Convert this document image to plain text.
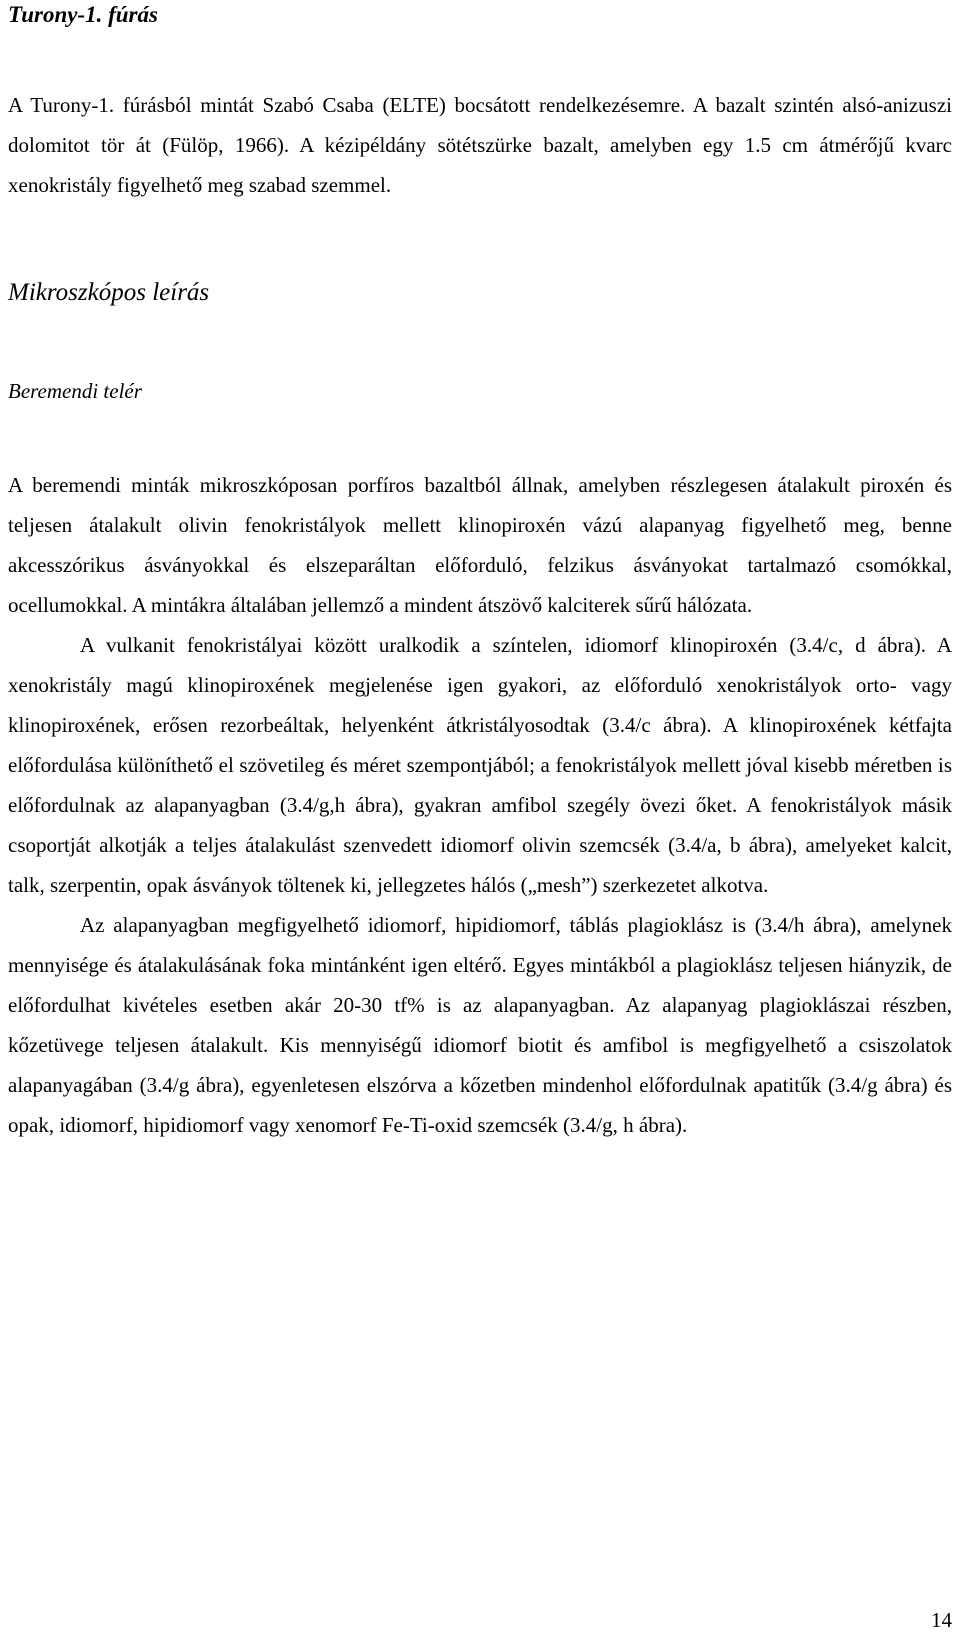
Turony-1. fúrás

A Turony-1. fúrásból mintát Szabó Csaba (ELTE) bocsátott rendelkezésemre. A bazalt szintén alsó-anizuszi dolomitot tör át (Fülöp, 1966). A kézipéldány sötétszürke bazalt, amelyben egy 1.5 cm átmérőjű kvarc xenokristály figyelhető meg szabad szemmel.

Mikroszkópos leírás
Beremendi telér

A beremendi minták mikroszkóposan porfíros bazaltból állnak, amelyben részlegesen átalakult piroxén és teljesen átalakult olivin fenokristályok mellett klinopiroxén vázú alapanyag figyelhető meg, benne akcesszórikus ásványokkal és elszeparáltan előforduló, felzikus ásványokat tartalmazó csomókkal, ocellumokkal. A mintákra általában jellemző a mindent átszövő kalciterek sűrű hálózata.

A vulkanit fenokristályai között uralkodik a színtelen, idiomorf klinopiroxén (3.4/c, d ábra). A xenokristály magú klinopiroxének megjelenése igen gyakori, az előforduló xenokristályok orto- vagy klinopiroxének, erősen rezorbeáltak, helyenként átkristályosodtak (3.4/c ábra). A klinopiroxének kétfajta előfordulása különíthető el szövetileg és méret szempontjából; a fenokristályok mellett jóval kisebb méretben is előfordulnak az alapanyagban (3.4/g,h ábra), gyakran amfibol szegély övezi őket. A fenokristályok másik csoportját alkotják a teljes átalakulást szenvedett idiomorf olivin szemcsék (3.4/a, b ábra), amelyeket kalcit, talk, szerpentin, opak ásványok töltenek ki, jellegzetes hálós („mesh”) szerkezetet alkotva.

Az alapanyagban megfigyelhető idiomorf, hipidiomorf, táblás plagioklász is (3.4/h ábra), amelynek mennyisége és átalakulásának foka mintánként igen eltérő. Egyes mintákból a plagioklász teljesen hiányzik, de előfordulhat kivételes esetben akár 20-30 tf% is az alapanyagban. Az alapanyag plagioklászai részben, kőzetüvege teljesen átalakult. Kis mennyiségű idiomorf biotit és amfibol is megfigyelhető a csiszolatok alapanyagában (3.4/g ábra), egyenletesen elszórva a kőzetben mindenhol előfordulnak apatitűk (3.4/g ábra) és opak, idiomorf, hipidiomorf vagy xenomorf Fe-Ti-oxid szemcsék (3.4/g, h ábra).

14
